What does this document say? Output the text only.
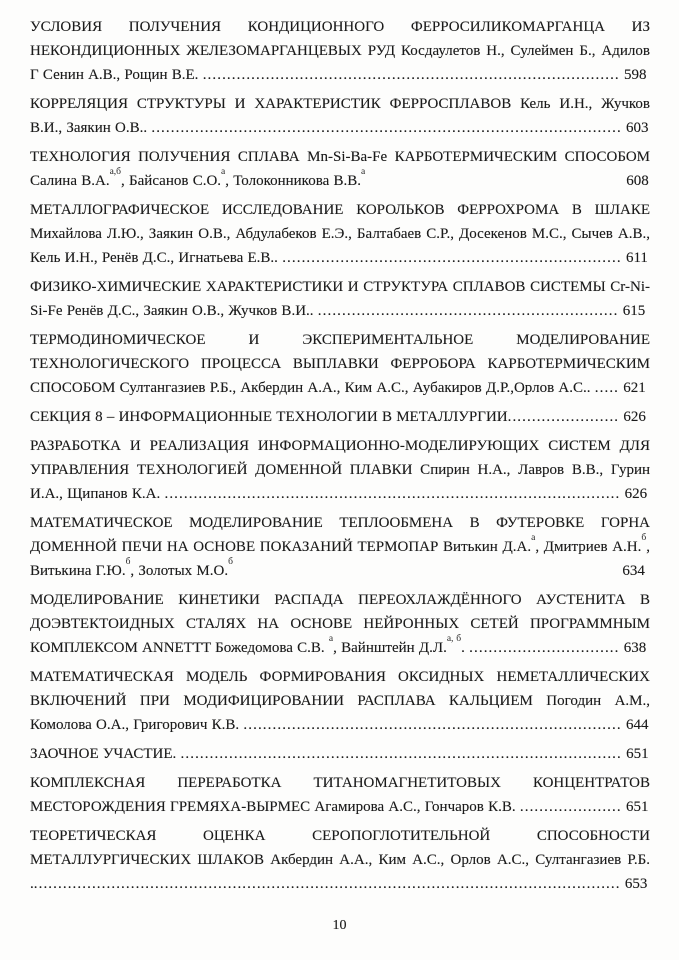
УСЛОВИЯ ПОЛУЧЕНИЯ КОНДИЦИОННОГО ФЕРРОСИЛИКОМАРГАНЦА ИЗ НЕКОНДИЦИОННЫХ ЖЕЛЕЗОМАРГАНЦЕВЫХ РУД Косдаулетов Н., Сулеймен Б., Адилов Г Сенин А.В., Рощин В.Е. ...................................................................................... 598

КОРРЕЛЯЦИЯ СТРУКТУРЫ И ХАРАКТЕРИСТИК ФЕРРОСПЛАВОВ Кель И.Н., Жучков В.И., Заякин О.В.. ................................................................................................. 603

ТЕХНОЛОГИЯ ПОЛУЧЕНИЯ СПЛАВА Mn-Si-Ba-Fe КАРБОТЕРМИЧЕСКИМ СПОСОБОМ Салина В.А.$^{а,б}$, Байсанов С.О.$^а$, Толоконникова В.В.$^а$                                                 608

МЕТАЛЛОГРАФИЧЕСКОЕ ИССЛЕДОВАНИЕ КОРОЛЬКОВ ФЕРРОХРОМА В ШЛАКЕ Михайлова Л.Ю., Заякин О.В., Абдулабеков Е.Э., Балтабаев С.Р., Досекенов М.С., Сычев А.В., Кель И.Н., Ренёв Д.С., Игнатьева Е.В.. ...................................................................... 611

ФИЗИКО-ХИМИЧЕСКИЕ ХАРАКТЕРИСТИКИ И СТРУКТУРА СПЛАВОВ СИСТЕМЫ Cr-Ni-Si-Fe Ренёв Д.С., Заякин О.В., Жучков В.И.. .............................................................. 615

ТЕРМОДИНОМИЧЕСКОЕ И ЭКСПЕРИМЕНТАЛЬНОЕ МОДЕЛИРОВАНИЕ ТЕХНОЛОГИЧЕСКОГО ПРОЦЕССА ВЫПЛАВКИ ФЕРРОБОРА КАРБОТЕРМИЧЕСКИМ СПОСОБОМ Султангазиев Р.Б., Акбердин А.А., Ким А.С., Аубакиров Д.Р.,Орлов А.С.. ..... 621

СЕКЦИЯ 8 – ИНФОРМАЦИОННЫЕ ТЕХНОЛОГИИ В МЕТАЛЛУРГИИ....................... 626

РАЗРАБОТКА И РЕАЛИЗАЦИЯ ИНФОРМАЦИОННО-МОДЕЛИРУЮЩИХ СИСТЕМ ДЛЯ УПРАВЛЕНИЯ ТЕХНОЛОГИЕЙ ДОМЕННОЙ ПЛАВКИ Спирин Н.А., Лавров В.В., Гурин И.А., Щипанов К.А. .............................................................................................. 626

МАТЕМАТИЧЕСКОЕ МОДЕЛИРОВАНИЕ ТЕПЛООБМЕНА В ФУТЕРОВКЕ ГОРНА ДОМЕННОЙ ПЕЧИ НА ОСНОВЕ ПОКАЗАНИЙ ТЕРМОПАР Витькин Д.А.$^а$, Дмитриев А.Н.$^б$, Витькина Г.Ю.$^б$, Золотых М.О.$^б$                                                                         634

МОДЕЛИРОВАНИЕ КИНЕТИКИ РАСПАДА ПЕРЕОХЛАЖДЁННОГО АУСТЕНИТА В ДОЭВТЕКТОИДНЫХ СТАЛЯХ НА ОСНОВЕ НЕЙРОННЫХ СЕТЕЙ ПРОГРАММНЫМ КОМПЛЕКСОМ ANNETTT Божедомова С.В. $^а$, Вайнштейн Д.Л.$^{а, б}$. ............................... 638

МАТЕМАТИЧЕСКАЯ МОДЕЛЬ ФОРМИРОВАНИЯ ОКСИДНЫХ НЕМЕТАЛЛИЧЕСКИХ ВКЛЮЧЕНИЙ ПРИ МОДИФИЦИРОВАНИИ РАСПЛАВА КАЛЬЦИЕМ Погодин А.М., Комолова О.А., Григорович К.В. .............................................................................. 644

ЗАОЧНОЕ УЧАСТИЕ. ........................................................................................... 651

КОМПЛЕКСНАЯ ПЕРЕРАБОТКА ТИТАНОМАГНЕТИТОВЫХ КОНЦЕНТРАТОВ МЕСТОРОЖДЕНИЯ ГРЕМЯХА-ВЫРМЕС Агамирова А.С., Гончаров К.В. ..................... 651

ТЕОРЕТИЧЕСКАЯ ОЦЕНКА СЕРОПОГЛОТИТЕЛЬНОЙ СПОСОБНОСТИ МЕТАЛЛУРГИЧЕСКИХ ШЛАКОВ Акбердин А.А., Ким А.С., Орлов А.С., Султангазиев Р.Б. .......................................................................................................................... 653

10
